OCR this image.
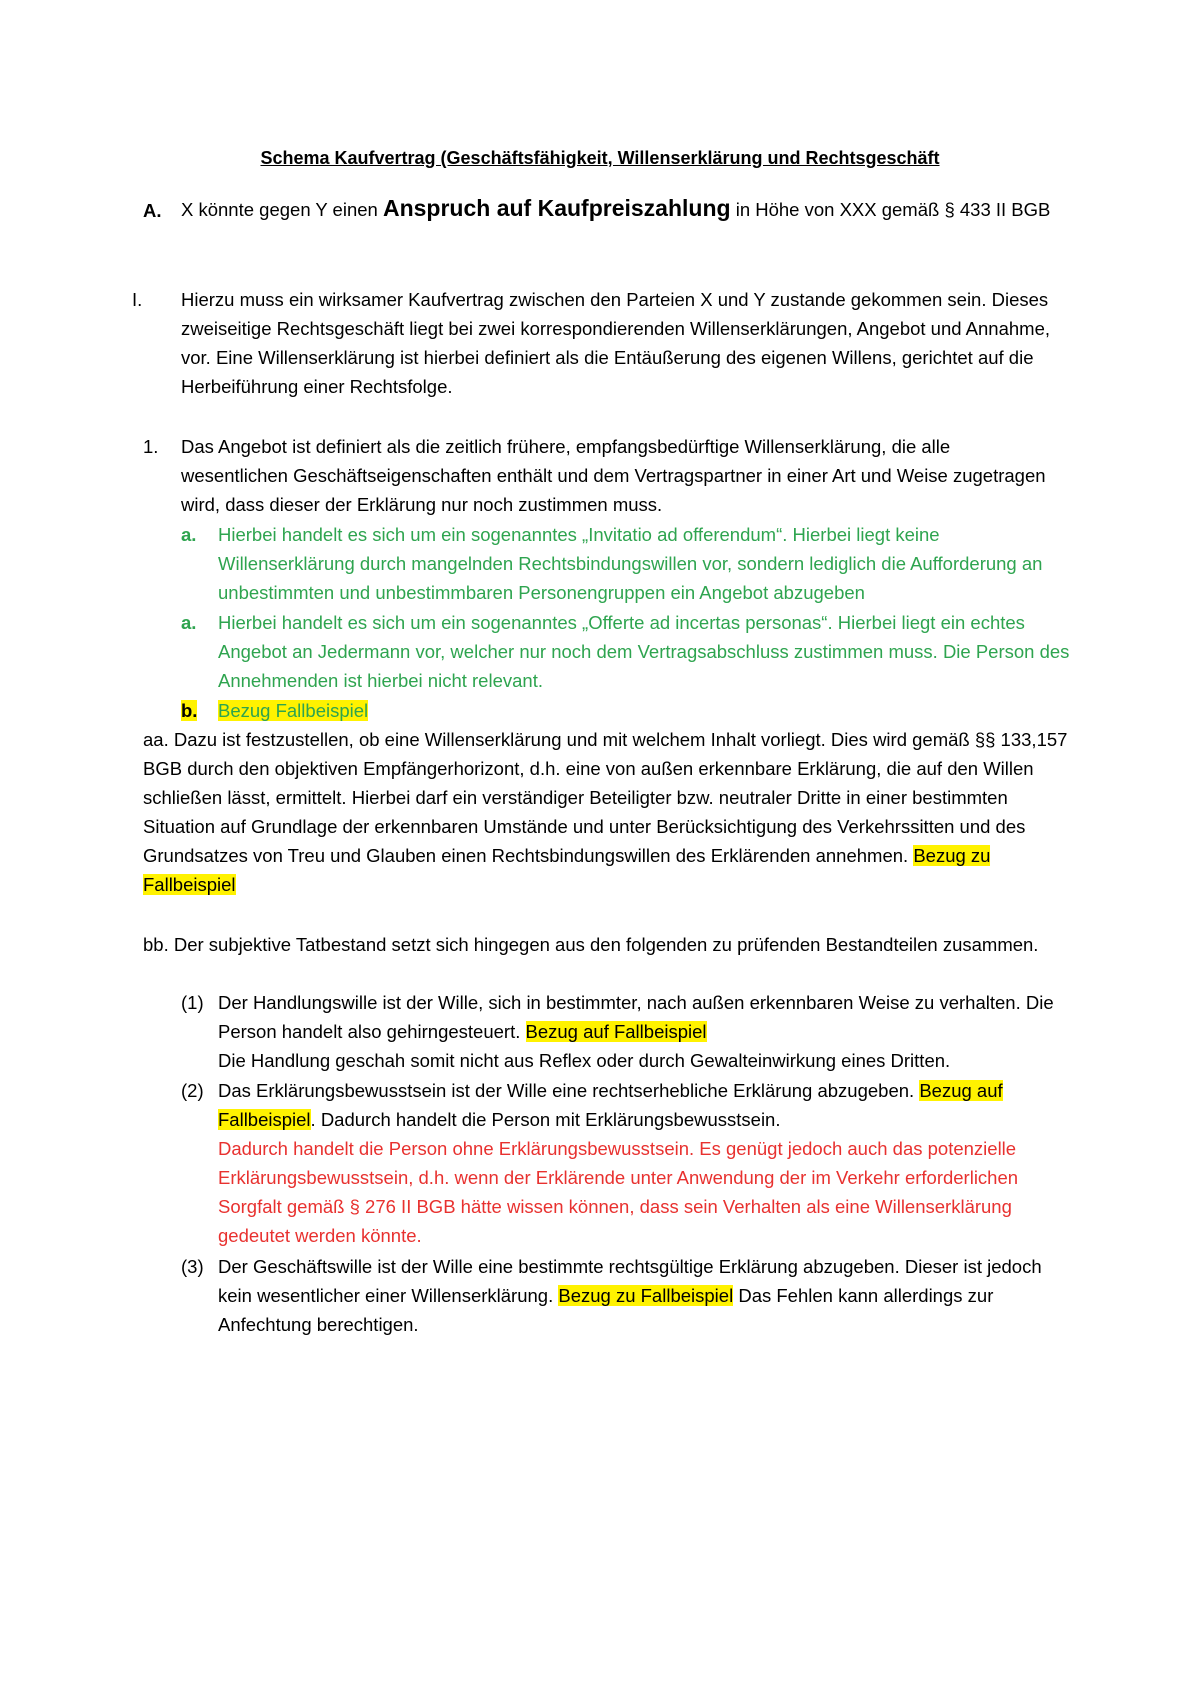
Schema Kaufvertrag (Geschäftsfähigkeit, Willenserklärung und Rechtsgeschäft
A. X könnte gegen Y einen Anspruch auf Kaufpreiszahlung in Höhe von XXX gemäß § 433 II BGB
I. Hierzu muss ein wirksamer Kaufvertrag zwischen den Parteien X und Y zustande gekommen sein. Dieses zweiseitige Rechtsgeschäft liegt bei zwei korrespondierenden Willenserklärungen, Angebot und Annahme, vor. Eine Willenserklärung ist hierbei definiert als die Entäußerung des eigenen Willens, gerichtet auf die Herbeiführung einer Rechtsfolge.
1. Das Angebot ist definiert als die zeitlich frühere, empfangsbedürftige Willenserklärung, die alle wesentlichen Geschäftseigenschaften enthält und dem Vertragspartner in einer Art und Weise zugetragen wird, dass dieser der Erklärung nur noch zustimmen muss.
a. Hierbei handelt es sich um ein sogenanntes „Invitatio ad offerendum“. Hierbei liegt keine Willenserklärung durch mangelnden Rechtsbindungswillen vor, sondern lediglich die Aufforderung an unbestimmten und unbestimmbaren Personengruppen ein Angebot abzugeben
a. Hierbei handelt es sich um ein sogenanntes „Offerte ad incertas personas“. Hierbei liegt ein echtes Angebot an Jedermann vor, welcher nur noch dem Vertragsabschluss zustimmen muss. Die Person des Annehmenden ist hierbei nicht relevant.
b. Bezug Fallbeispiel
aa. Dazu ist festzustellen, ob eine Willenserklärung und mit welchem Inhalt vorliegt. Dies wird gemäß §§ 133,157 BGB durch den objektiven Empfängerhorizont, d.h. eine von außen erkennbare Erklärung, die auf den Willen schließen lässt, ermittelt. Hierbei darf ein verständiger Beteiligter bzw. neutraler Dritte in einer bestimmten Situation auf Grundlage der erkennbaren Umstände und unter Berücksichtigung des Verkehrssitten und des Grundsatzes von Treu und Glauben einen Rechtsbindungswillen des Erklärenden annehmen. Bezug zu Fallbeispiel
bb. Der subjektive Tatbestand setzt sich hingegen aus den folgenden zu prüfenden Bestandteilen zusammen.
(1) Der Handlungswille ist der Wille, sich in bestimmter, nach außen erkennbaren Weise zu verhalten. Die Person handelt also gehirngesteuert. Bezug auf Fallbeispiel
Die Handlung geschah somit nicht aus Reflex oder durch Gewalteinwirkung eines Dritten.
(2) Das Erklärungsbewusstsein ist der Wille eine rechtserhebliche Erklärung abzugeben. Bezug auf Fallbeispiel. Dadurch handelt die Person mit Erklärungsbewusstsein.
Dadurch handelt die Person ohne Erklärungsbewusstsein. Es genügt jedoch auch das potenzielle Erklärungsbewusstsein, d.h. wenn der Erklärende unter Anwendung der im Verkehr erforderlichen Sorgfalt gemäß § 276 II BGB hätte wissen können, dass sein Verhalten als eine Willenserklärung gedeutet werden könnte.
(3) Der Geschäftswille ist der Wille eine bestimmte rechtsgültige Erklärung abzugeben. Dieser ist jedoch kein wesentlicher einer Willenserklärung. Bezug zu Fallbeispiel Das Fehlen kann allerdings zur Anfechtung berechtigen.
